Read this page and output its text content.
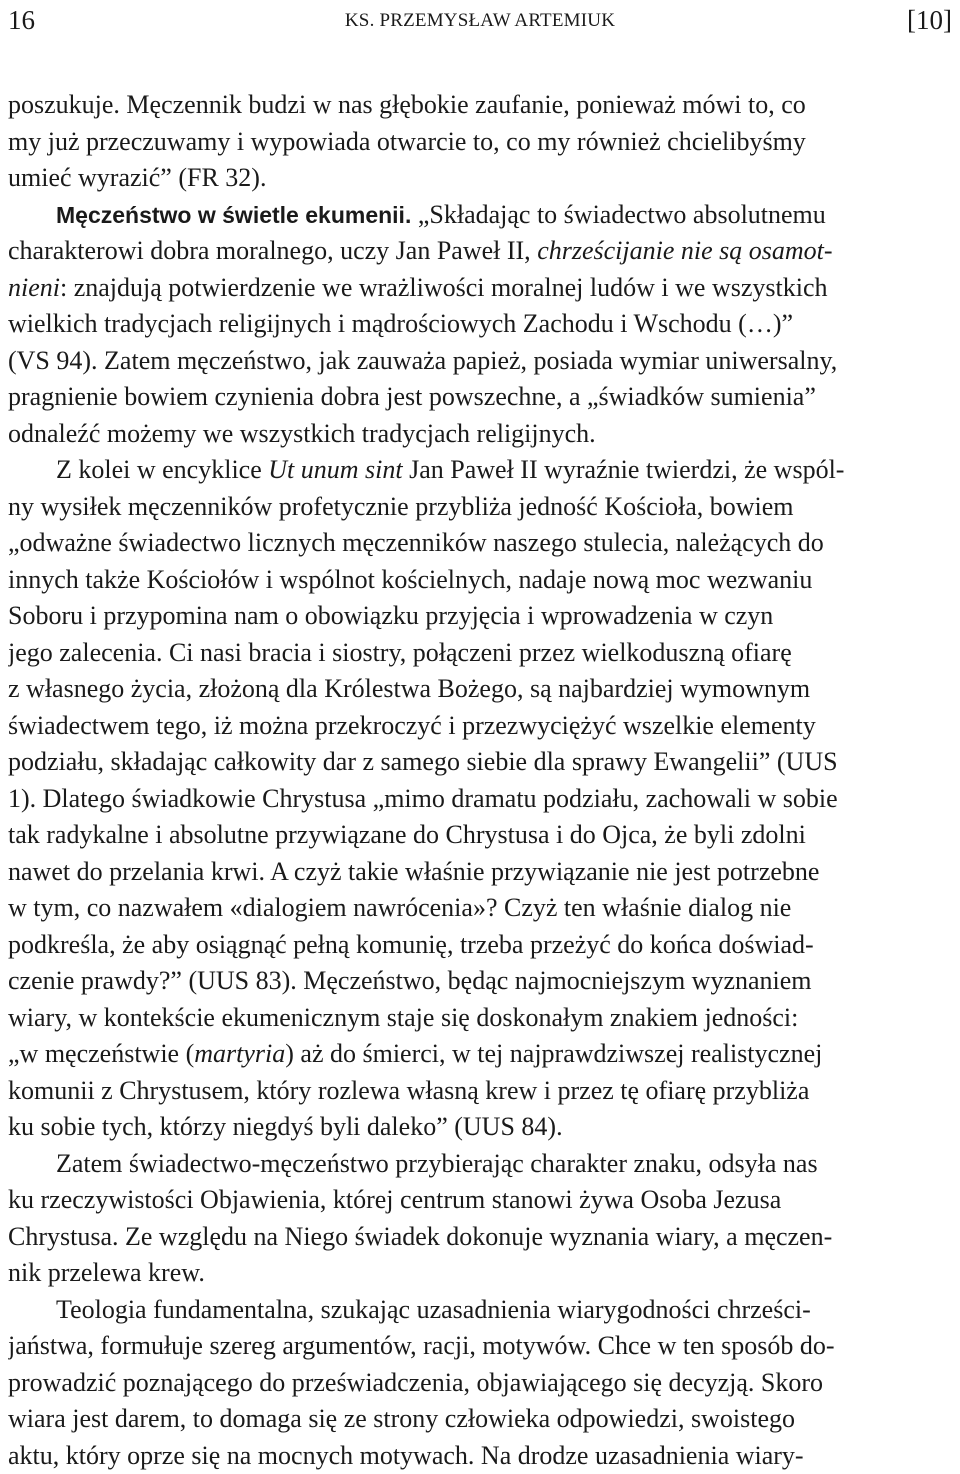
16	KS. PRZEMYSŁAW ARTEMIUK	[10]
poszukuje. Męczennik budzi w nas głębokie zaufanie, ponieważ mówi to, co
my już przeczuwamy i wypowiada otwarcie to, co my również chcielibyśmy
umieć wyrazić” (FR 32).
Męczeństwo w świetle ekumenii. „Składając to świadectwo absolutnemu
charakterowi dobra moralnego, uczy Jan Paweł II, chrześcijanie nie są osamot-
nieni: znajdują potwierdzenie we wrażliwości moralnej ludów i we wszystkich
wielkich tradycjach religijnych i mądrościowych Zachodu i Wschodu (…)”
(VS 94). Zatem męczeństwo, jak zauważa papież, posiada wymiar uniwersalny,
pragnienie bowiem czynienia dobra jest powszechne, a „świadków sumienia”
odnaleźć możemy we wszystkich tradycjach religijnych.
Z kolei w encyklice Ut unum sint Jan Paweł II wyraźnie twierdzi, że wspól-
ny wysiłek męczenników profetycznie przybliża jedność Kościoła, bowiem
„odważne świadectwo licznych męczenników naszego stulecia, należących do
innych także Kościołów i wspólnot kościelnych, nadaje nową moc wezwaniu
Soboru i przypomina nam o obowiązku przyjęcia i wprowadzenia w czyn
jego zalecenia. Ci nasi bracia i siostry, połączeni przez wielkoduszną ofiarę
z własnego życia, złożoną dla Królestwa Bożego, są najbardziej wymownym
świadectwem tego, iż można przekroczyć i przezwyciężyć wszelkie elementy
podziału, składając całkowity dar z samego siebie dla sprawy Ewangelii” (UUS
1). Dlatego świadkowie Chrystusa „mimo dramatu podziału, zachowali w sobie
tak radykalne i absolutne przywiązane do Chrystusa i do Ojca, że byli zdolni
nawet do przelania krwi. A czyż takie właśnie przywiązanie nie jest potrzebne
w tym, co nazwałem «dialogiem nawrócenia»? Czyż ten właśnie dialog nie
podkreśla, że aby osiągnąć pełną komunię, trzeba przeżyć do końca doświad-
czenie prawdy?” (UUS 83). Męczeństwo, będąc najmocniejszym wyznaniem
wiary, w kontekście ekumenicznym staje się doskonałym znakiem jedności:
„w męczeństwie (martyria) aż do śmierci, w tej najprawdziwszej realistycznej
komunii z Chrystusem, który rozlewa własną krew i przez tę ofiarę przybliża
ku sobie tych, którzy niegdyś byli daleko” (UUS 84).
Zatem świadectwo-męczeństwo przybierając charakter znaku, odsyła nas
ku rzeczywistości Objawienia, której centrum stanowi żywa Osoba Jezusa
Chrystusa. Ze względu na Niego świadek dokonuje wyznania wiary, a męczen-
nik przelewa krew.
Teologia fundamentalna, szukając uzasadnienia wiarygodności chrześci-
jaństwa, formułuje szereg argumentów, racji, motywów. Chce w ten sposób do-
prowadzić poznającego do przeświadczenia, objawiającego się decyzją. Skoro
wiara jest darem, to domaga się ze strony człowieka odpowiedzi, swoistego
aktu, który oprze się na mocnych motywach. Na drodze uzasadnienia wiary-
